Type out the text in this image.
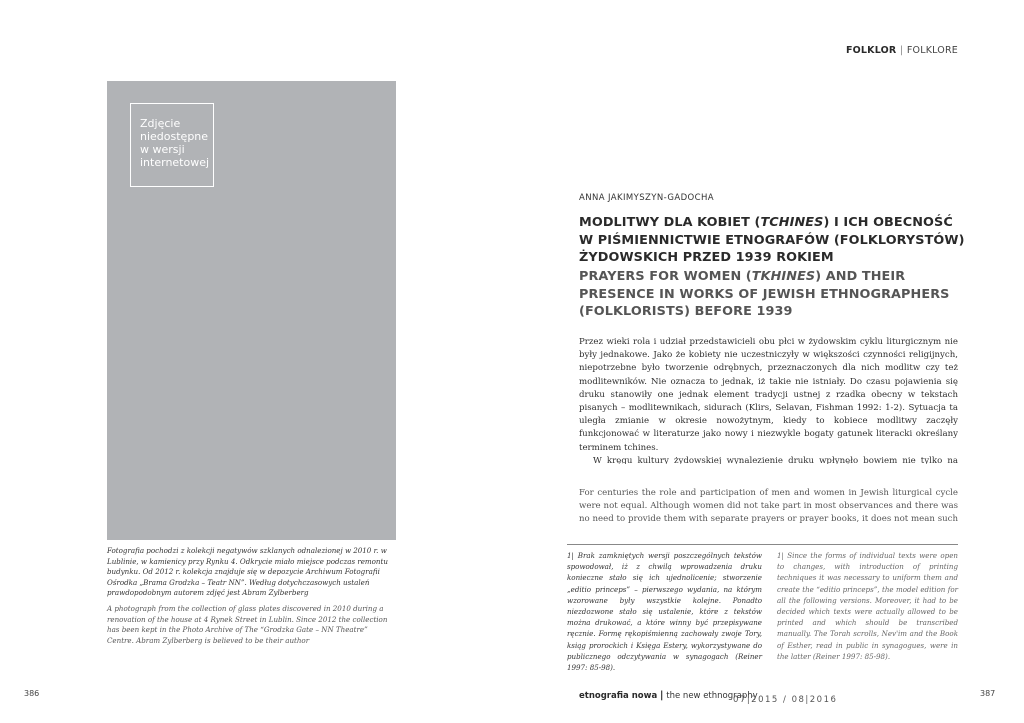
Zdjęcie niedostępne w wersji internetowej
Fotografia pochodzi z kolekcji negatywów szklanych odnalezionej w 2010 r. w Lublinie, w kamienicy przy Rynku 4. Odkrycie miało miejsce podczas remontu budynku. Od 2012 r. kolekcja znajduje się w depozycie Archiwum Fotografii Ośrodka „Brama Grodzka – Teatr NN”. Według dotychczasowych ustaleń prawdopodobnym autorem zdjęć jest Abram Zylberberg
A photograph from the collection of glass plates discovered in 2010 during a renovation of the house at 4 Rynek Street in Lublin. Since 2012 the collection has been kept in the Photo Archive of The “Grodzka Gate – NN Theatre” Centre. Abram Zylberberg is believed to be their author
386
FOLKLOR | FOLKLORE
ANNA JAKIMYSZYN-GADOCHA
MODLITWY DLA KOBIET (TCHINES) I ICH OBECNOŚĆ W PIŚMIENNICTWIE ETNOGRAFÓW (FOLKLORYSTÓW) ŻYDOWSKICH PRZED 1939 ROKIEM
PRAYERS FOR WOMEN (TKHINES) AND THEIR PRESENCE IN WORKS OF JEWISH ETHNOGRAPHERS (FOLKLORISTS) BEFORE 1939

Przez wieki rola i udział przedstawicieli obu płci w żydowskim cyklu liturgicznym nie były jednakowe. Jako że kobiety nie uczestniczyły w większości czynności religijnych, niepotrzebne było tworzenie odrębnych, przeznaczonych dla nich modlitw czy też modlitewników. Nie oznacza to jednak, iż takie nie istniały. Do czasu pojawienia się druku stanowiły one jednak element tradycji ustnej z rzadka obecny w tekstach pisanych – modlitewnikach, sidurach (Klirs, Selavan, Fishman 1992: 1-2). Sytuacja ta uległa zmianie w okresie nowożytnym, kiedy to kobiece modlitwy zaczęły funkcjonować w literaturze jako nowy i niezwykle bogaty gatunek literacki określany terminem tchines.

W kręgu kultury żydowskiej wynalezienie druku wpłynęło bowiem nie tylko na

For centuries the role and participation of men and women in Jewish liturgical cycle were not equal. Although women did not take part in most observances and there was no need to provide them with separate prayers or prayer books, it does not mean such

1| Brak zamkniętych wersji poszczególnych tekstów spowodował, iż z chwilą wprowadzenia druku konieczne stało się ich ujednolicenie; stworzenie „editio princeps” – pierwszego wydania, na którym wzorowane były wszystkie kolejne. Ponadto niezdozwone stało się ustalenie, które z tekstów można drukować, a które winny być przepisywane ręcznie. Formę rękopiśmienną zachowały zwoje Tory, ksiąg prorockich i Księga Estery, wykorzystywane do publicznego odczytywania w synagogach (Reiner 1997: 85-98).
1| Since the forms of individual texts were open to changes, with introduction of printing techniques it was necessary to uniform them and create the “editio princeps”, the model edition for all the following versions. Moreover, it had to be decided which texts were actually allowed to be printed and which should be transcribed manually. The Torah scrolls, Nev'im and the Book of Esther, read in public in synagogues, were in the latter (Reiner 1997: 85-98).
etnografia nowa | the new ethnography
07|2015 / 08|2016
387
